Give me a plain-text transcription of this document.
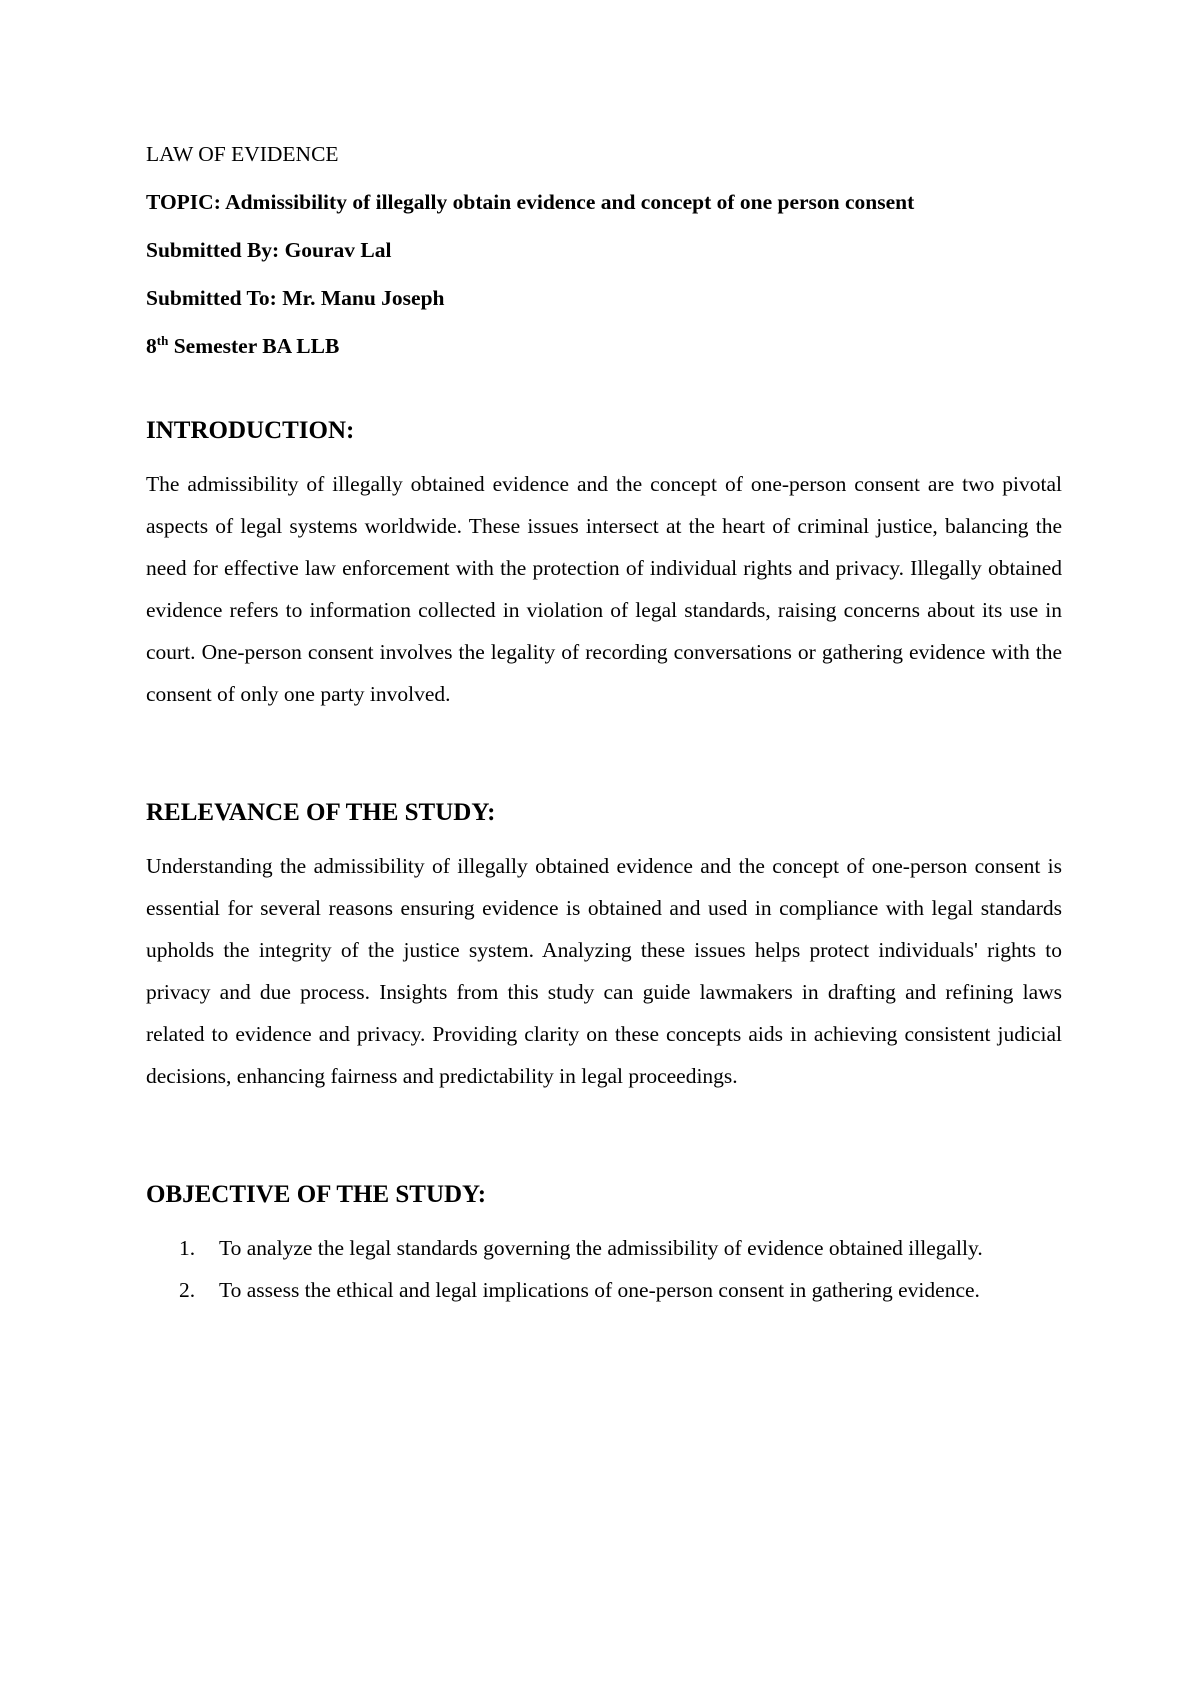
LAW OF EVIDENCE

TOPIC: Admissibility of illegally obtain evidence and concept of one person consent

Submitted By: Gourav Lal

Submitted To: Mr. Manu Joseph

8th Semester BA LLB

INTRODUCTION:

The admissibility of illegally obtained evidence and the concept of one-person consent are two pivotal aspects of legal systems worldwide. These issues intersect at the heart of criminal justice, balancing the need for effective law enforcement with the protection of individual rights and privacy. Illegally obtained evidence refers to information collected in violation of legal standards, raising concerns about its use in court. One-person consent involves the legality of recording conversations or gathering evidence with the consent of only one party involved.

RELEVANCE OF THE STUDY:

Understanding the admissibility of illegally obtained evidence and the concept of one-person consent is essential for several reasons ensuring evidence is obtained and used in compliance with legal standards upholds the integrity of the justice system. Analyzing these issues helps protect individuals' rights to privacy and due process. Insights from this study can guide lawmakers in drafting and refining laws related to evidence and privacy. Providing clarity on these concepts aids in achieving consistent judicial decisions, enhancing fairness and predictability in legal proceedings.

OBJECTIVE OF THE STUDY:
1. To analyze the legal standards governing the admissibility of evidence obtained illegally.
2. To assess the ethical and legal implications of one-person consent in gathering evidence.
